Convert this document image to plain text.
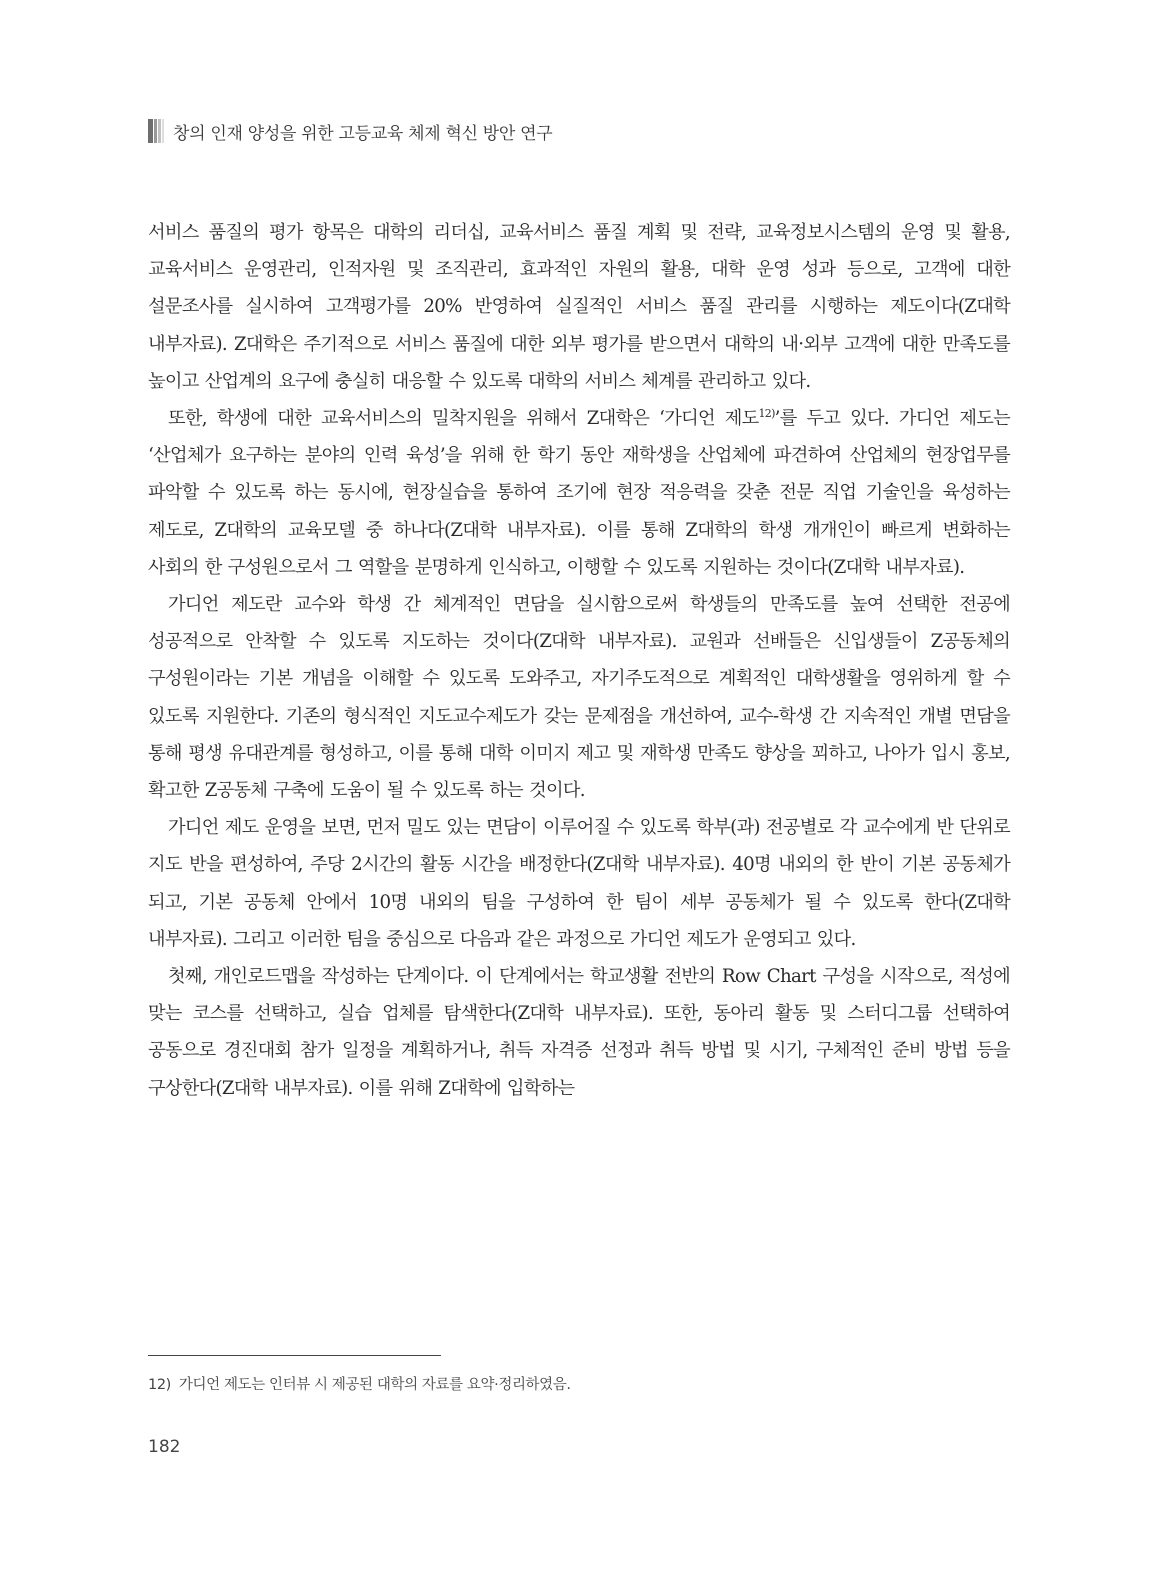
창의 인재 양성을 위한 고등교육 체제 혁신 방안 연구

서비스 품질의 평가 항목은 대학의 리더십, 교육서비스 품질 계획 및 전략, 교육정보시스템의 운영 및 활용, 교육서비스 운영관리, 인적자원 및 조직관리, 효과적인 자원의 활용, 대학 운영 성과 등으로, 고객에 대한 설문조사를 실시하여 고객평가를 20% 반영하여 실질적인 서비스 품질 관리를 시행하는 제도이다(Z대학 내부자료). Z대학은 주기적으로 서비스 품질에 대한 외부 평가를 받으면서 대학의 내·외부 고객에 대한 만족도를 높이고 산업계의 요구에 충실히 대응할 수 있도록 대학의 서비스 체계를 관리하고 있다.

또한, 학생에 대한 교육서비스의 밀착지원을 위해서 Z대학은 ‘가디언 제도$^{12)}$’를 두고 있다. 가디언 제도는 ‘산업체가 요구하는 분야의 인력 육성’을 위해 한 학기 동안 재학생을 산업체에 파견하여 산업체의 현장업무를 파악할 수 있도록 하는 동시에, 현장실습을 통하여 조기에 현장 적응력을 갖춘 전문 직업 기술인을 육성하는 제도로, Z대학의 교육모델 중 하나다(Z대학 내부자료). 이를 통해 Z대학의 학생 개개인이 빠르게 변화하는 사회의 한 구성원으로서 그 역할을 분명하게 인식하고, 이행할 수 있도록 지원하는 것이다(Z대학 내부자료).

가디언 제도란 교수와 학생 간 체계적인 면담을 실시함으로써 학생들의 만족도를 높여 선택한 전공에 성공적으로 안착할 수 있도록 지도하는 것이다(Z대학 내부자료). 교원과 선배들은 신입생들이 Z공동체의 구성원이라는 기본 개념을 이해할 수 있도록 도와주고, 자기주도적으로 계획적인 대학생활을 영위하게 할 수 있도록 지원한다. 기존의 형식적인 지도교수제도가 갖는 문제점을 개선하여, 교수-학생 간 지속적인 개별 면담을 통해 평생 유대관계를 형성하고, 이를 통해 대학 이미지 제고 및 재학생 만족도 향상을 꾀하고, 나아가 입시 홍보, 확고한 Z공동체 구축에 도움이 될 수 있도록 하는 것이다.

가디언 제도 운영을 보면, 먼저 밀도 있는 면담이 이루어질 수 있도록 학부(과) 전공별로 각 교수에게 반 단위로 지도 반을 편성하여, 주당 2시간의 활동 시간을 배정한다(Z대학 내부자료). 40명 내외의 한 반이 기본 공동체가 되고, 기본 공동체 안에서 10명 내외의 팀을 구성하여 한 팀이 세부 공동체가 될 수 있도록 한다(Z대학 내부자료). 그리고 이러한 팀을 중심으로 다음과 같은 과정으로 가디언 제도가 운영되고 있다.

첫째, 개인로드맵을 작성하는 단계이다. 이 단계에서는 학교생활 전반의 Row Chart 구성을 시작으로, 적성에 맞는 코스를 선택하고, 실습 업체를 탐색한다(Z대학 내부자료). 또한, 동아리 활동 및 스터디그룹 선택하여 공동으로 경진대회 참가 일정을 계획하거나, 취득 자격증 선정과 취득 방법 및 시기, 구체적인 준비 방법 등을 구상한다(Z대학 내부자료). 이를 위해 Z대학에 입학하는

12) 가디언 제도는 인터뷰 시 제공된 대학의 자료를 요약·정리하였음.
182
